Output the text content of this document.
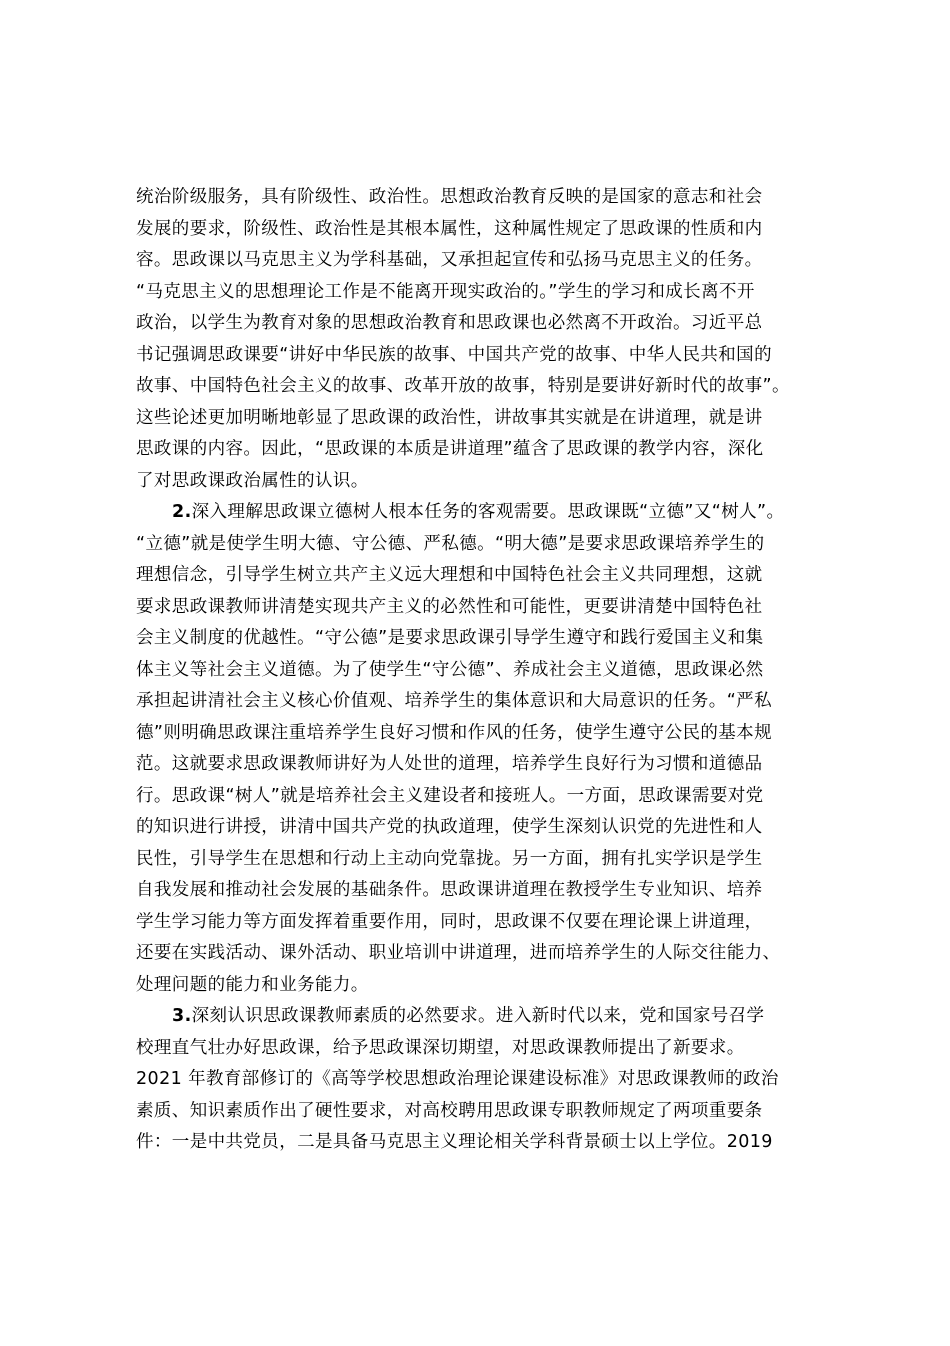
统治阶级服务，具有阶级性、政治性。思想政治教育反映的是国家的意志和社会
发展的要求，阶级性、政治性是其根本属性，这种属性规定了思政课的性质和内
容。思政课以马克思主义为学科基础，又承担起宣传和弘扬马克思主义的任务。
“马克思主义的思想理论工作是不能离开现实政治的。”学生的学习和成长离不开
政治，以学生为教育对象的思想政治教育和思政课也必然离不开政治。习近平总
书记强调思政课要“讲好中华民族的故事、中国共产党的故事、中华人民共和国的
故事、中国特色社会主义的故事、改革开放的故事，特别是要讲好新时代的故事”。
这些论述更加明晰地彰显了思政课的政治性，讲故事其实就是在讲道理，就是讲
思政课的内容。因此，“思政课的本质是讲道理”蕴含了思政课的教学内容，深化
了对思政课政治属性的认识。

2.深入理解思政课立德树人根本任务的客观需要。思政课既“立德”又“树人”。
“立德”就是使学生明大德、守公德、严私德。“明大德”是要求思政课培养学生的
理想信念，引导学生树立共产主义远大理想和中国特色社会主义共同理想，这就
要求思政课教师讲清楚实现共产主义的必然性和可能性，更要讲清楚中国特色社
会主义制度的优越性。“守公德”是要求思政课引导学生遵守和践行爱国主义和集
体主义等社会主义道德。为了使学生“守公德”、养成社会主义道德，思政课必然
承担起讲清社会主义核心价值观、培养学生的集体意识和大局意识的任务。“严私
德”则明确思政课注重培养学生良好习惯和作风的任务，使学生遵守公民的基本规
范。这就要求思政课教师讲好为人处世的道理，培养学生良好行为习惯和道德品
行。思政课“树人”就是培养社会主义建设者和接班人。一方面，思政课需要对党
的知识进行讲授，讲清中国共产党的执政道理，使学生深刻认识党的先进性和人
民性，引导学生在思想和行动上主动向党靠拢。另一方面，拥有扎实学识是学生
自我发展和推动社会发展的基础条件。思政课讲道理在教授学生专业知识、培养
学生学习能力等方面发挥着重要作用，同时，思政课不仅要在理论课上讲道理，
还要在实践活动、课外活动、职业培训中讲道理，进而培养学生的人际交往能力、
处理问题的能力和业务能力。

3.深刻认识思政课教师素质的必然要求。进入新时代以来，党和国家号召学
校理直气壮办好思政课，给予思政课深切期望，对思政课教师提出了新要求。
2021 年教育部修订的《高等学校思想政治理论课建设标准》对思政课教师的政治
素质、知识素质作出了硬性要求，对高校聘用思政课专职教师规定了两项重要条
件：一是中共党员，二是具备马克思主义理论相关学科背景硕士以上学位。2019
